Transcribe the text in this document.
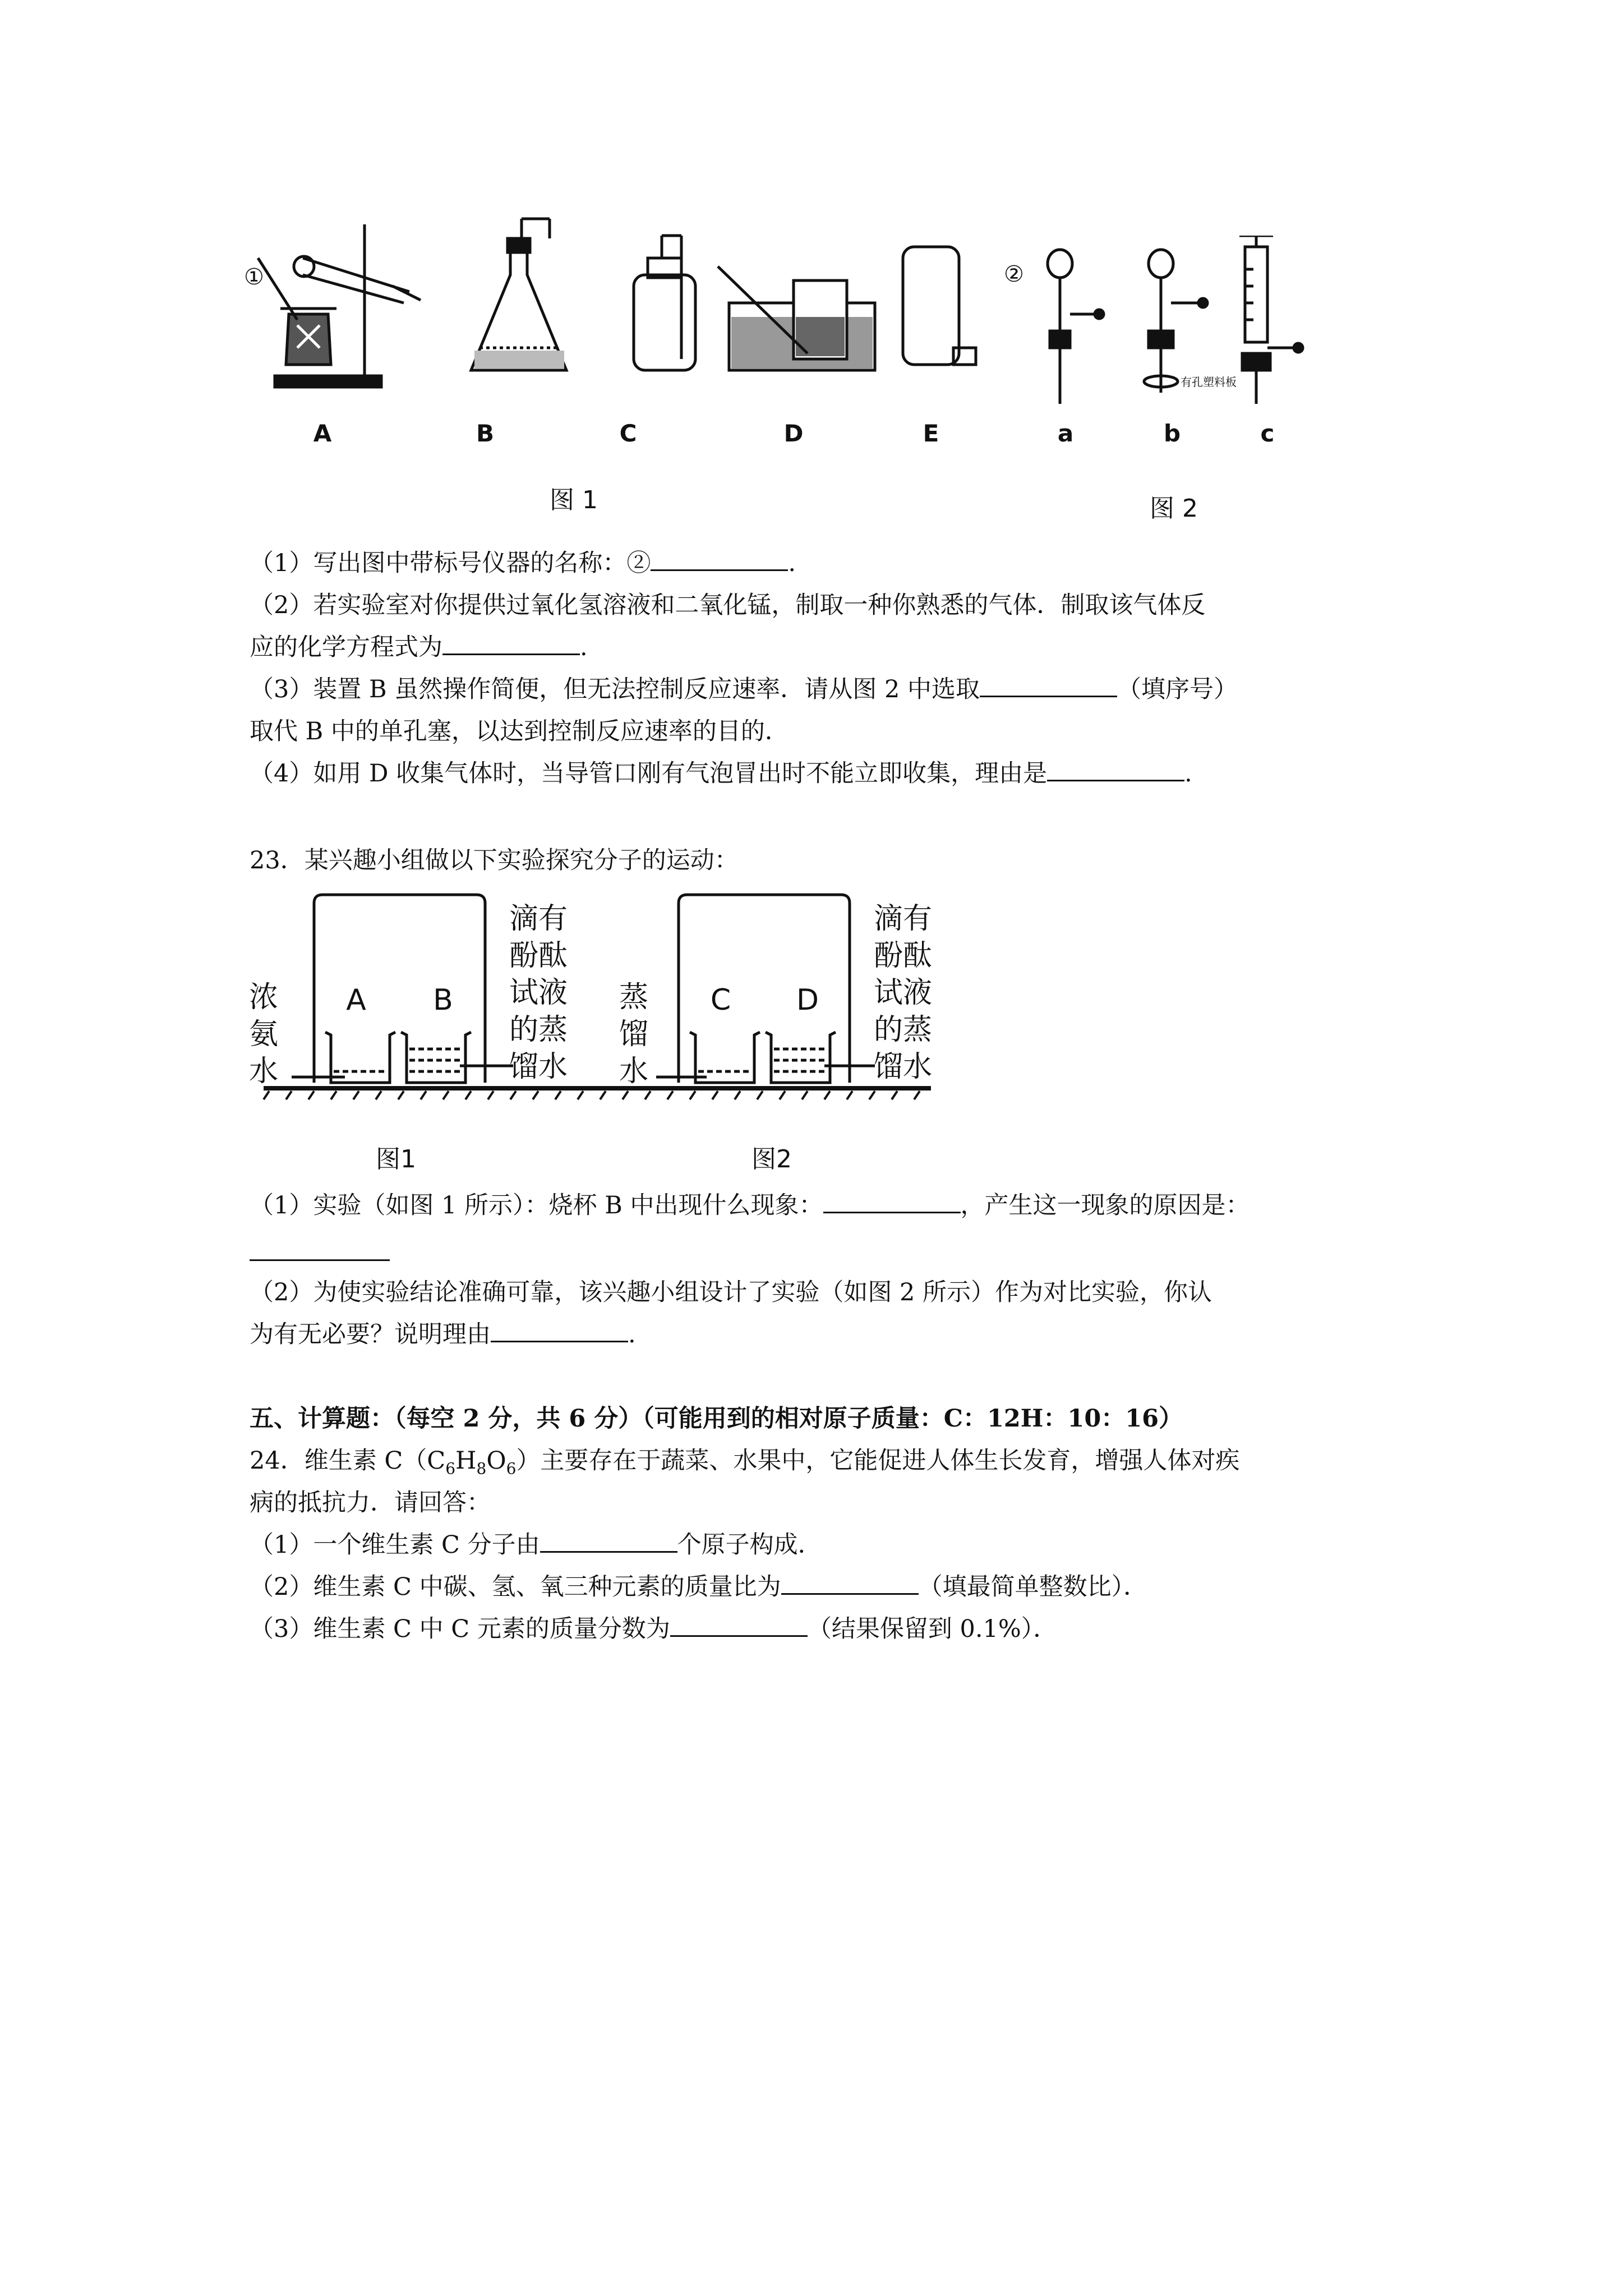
①
A	B	C	D	E
图 1
②
有孔塑料板
a	b	c
图 2
（1）写出图中带标号仪器的名称：②	.
（2）若实验室对你提供过氧化氢溶液和二氧化锰，制取一种你熟悉的气体．制取该气体反
应的化学方程式为	.
（3）装置 B 虽然操作简便，但无法控制反应速率．请从图 2 中选取	（填序号）
取代 B 中的单孔塞，以达到控制反应速率的目的．
（4）如用 D 收集气体时，当导管口刚有气泡冒出时不能立即收集，理由是	.
23．某兴趣小组做以下实验探究分子的运动：
浓
氨
水
A B
滴有
酚酞
试液
的蒸
馏水
蒸
馏
水
C D
滴有
酚酞
试液
的蒸
馏水
图1	图2
（1）实验（如图 1 所示）：烧杯 B 中出现什么现象：	，产生这一现象的原因是：
（2）为使实验结论准确可靠，该兴趣小组设计了实验（如图 2 所示）作为对比实验，你认
为有无必要？说明理由	.
五、计算题：（每空 2 分，共 6 分）（可能用到的相对原子质量：C：12H：10：16）
24．维生素 $C(C_6H_8O_6)$主要存在于蔬菜、水果中，它能促进人体生长发育，增强人体对疾
病的抵抗力．请回答：
（1）一个维生素 C 分子由	个原子构成．
（2）维生素 C 中碳、氢、氧三种元素的质量比为	（填最简单整数比）．
（3）维生素 C 中 C 元素的质量分数为	（结果保留到 0.1%）．
